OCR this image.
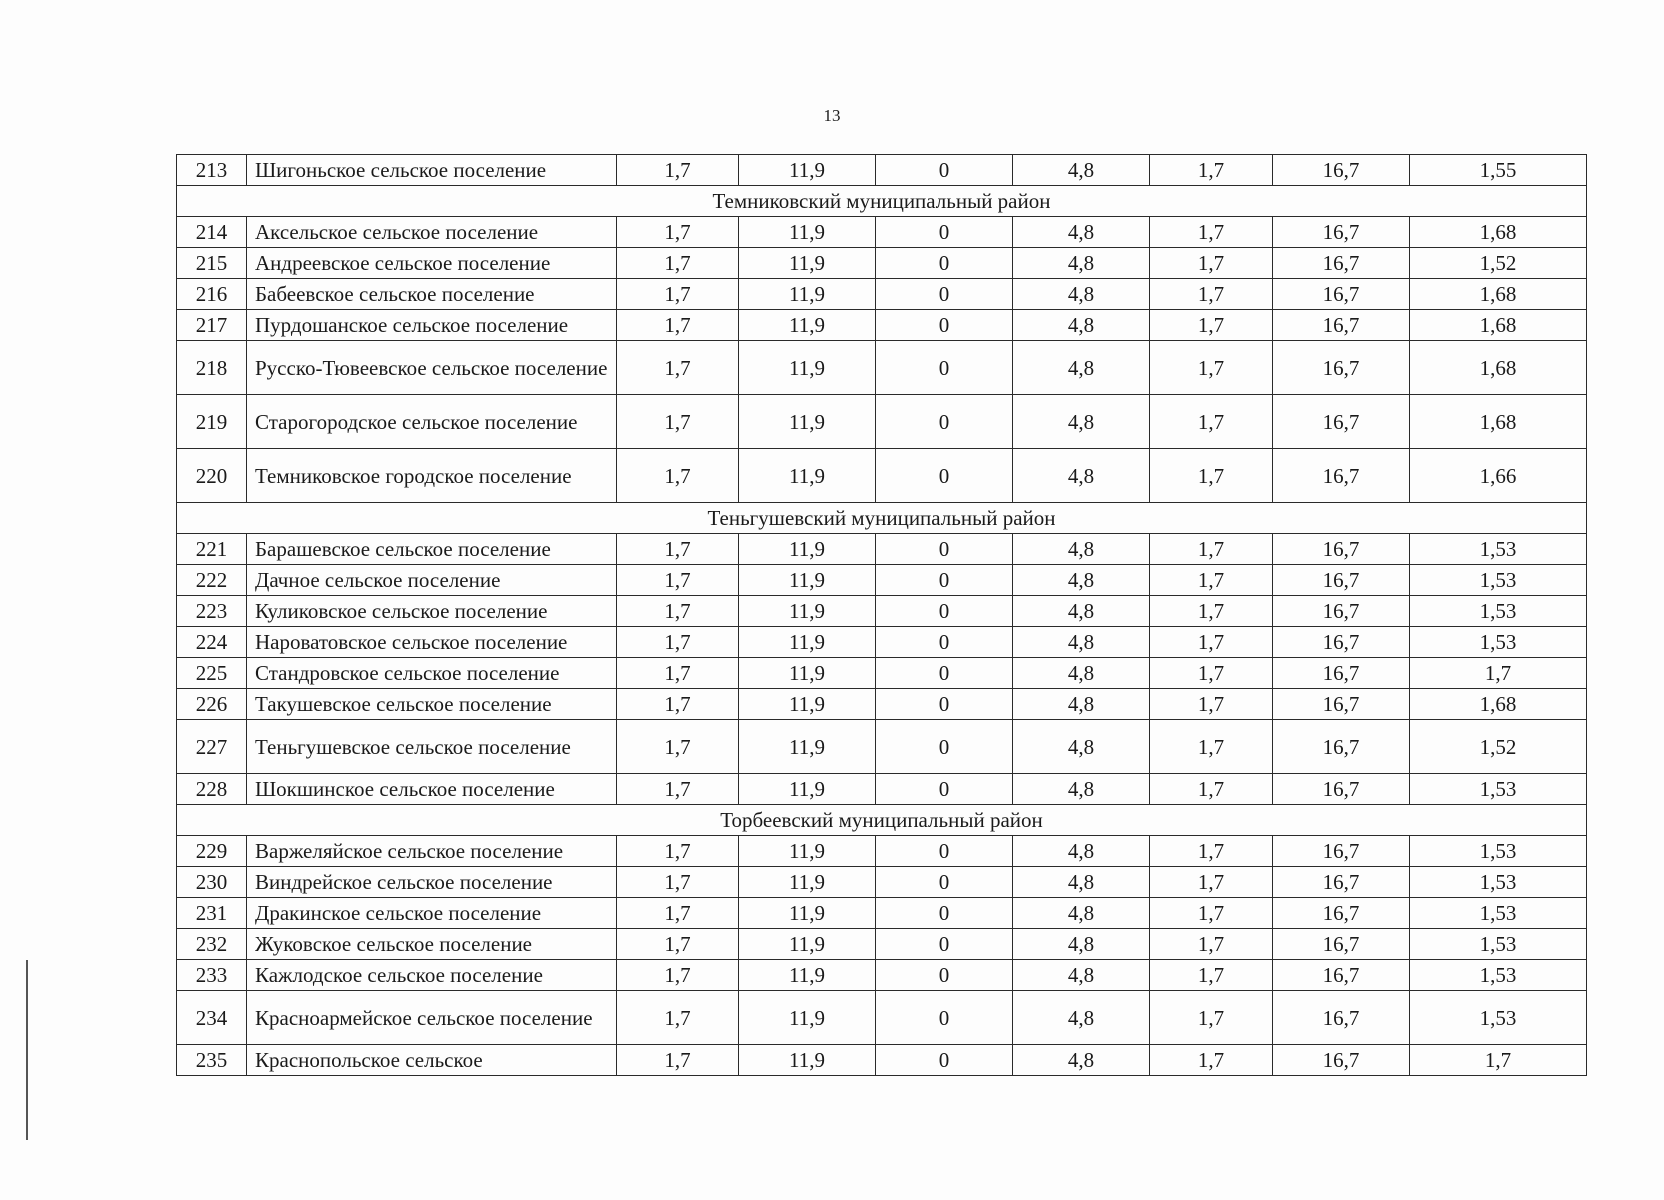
13
213	Шигоньское сельское поселение	1,7	11,9	0	4,8	1,7	16,7	1,55
Темниковский муниципальный район								
214	Аксельское сельское поселение	1,7	11,9	0	4,8	1,7	16,7	1,68
215	Андреевское сельское поселение	1,7	11,9	0	4,8	1,7	16,7	1,52
216	Бабеевское сельское поселение	1,7	11,9	0	4,8	1,7	16,7	1,68
217	Пурдошанское сельское поселение	1,7	11,9	0	4,8	1,7	16,7	1,68
218	Русско-Тювеевское сельское поселение	1,7	11,9	0	4,8	1,7	16,7	1,68
219	Старогородское сельское поселение	1,7	11,9	0	4,8	1,7	16,7	1,68
220	Темниковское городское поселение	1,7	11,9	0	4,8	1,7	16,7	1,66
Теньгушевский муниципальный район								
221	Барашевское сельское поселение	1,7	11,9	0	4,8	1,7	16,7	1,53
222	Дачное сельское поселение	1,7	11,9	0	4,8	1,7	16,7	1,53
223	Куликовское сельское поселение	1,7	11,9	0	4,8	1,7	16,7	1,53
224	Нароватовское сельское поселение	1,7	11,9	0	4,8	1,7	16,7	1,53
225	Стандровское сельское поселение	1,7	11,9	0	4,8	1,7	16,7	1,7
226	Такушевское сельское поселение	1,7	11,9	0	4,8	1,7	16,7	1,68
227	Теньгушевское сельское поселение	1,7	11,9	0	4,8	1,7	16,7	1,52
228	Шокшинское сельское поселение	1,7	11,9	0	4,8	1,7	16,7	1,53
Торбеевский муниципальный район								
229	Варжеляйское сельское поселение	1,7	11,9	0	4,8	1,7	16,7	1,53
230	Виндрейское сельское поселение	1,7	11,9	0	4,8	1,7	16,7	1,53
231	Дракинское сельское поселение	1,7	11,9	0	4,8	1,7	16,7	1,53
232	Жуковское сельское поселение	1,7	11,9	0	4,8	1,7	16,7	1,53
233	Кажлодское сельское поселение	1,7	11,9	0	4,8	1,7	16,7	1,53
234	Красноармейское сельское поселение	1,7	11,9	0	4,8	1,7	16,7	1,53
235	Краснопольское сельское	1,7	11,9	0	4,8	1,7	16,7	1,7
